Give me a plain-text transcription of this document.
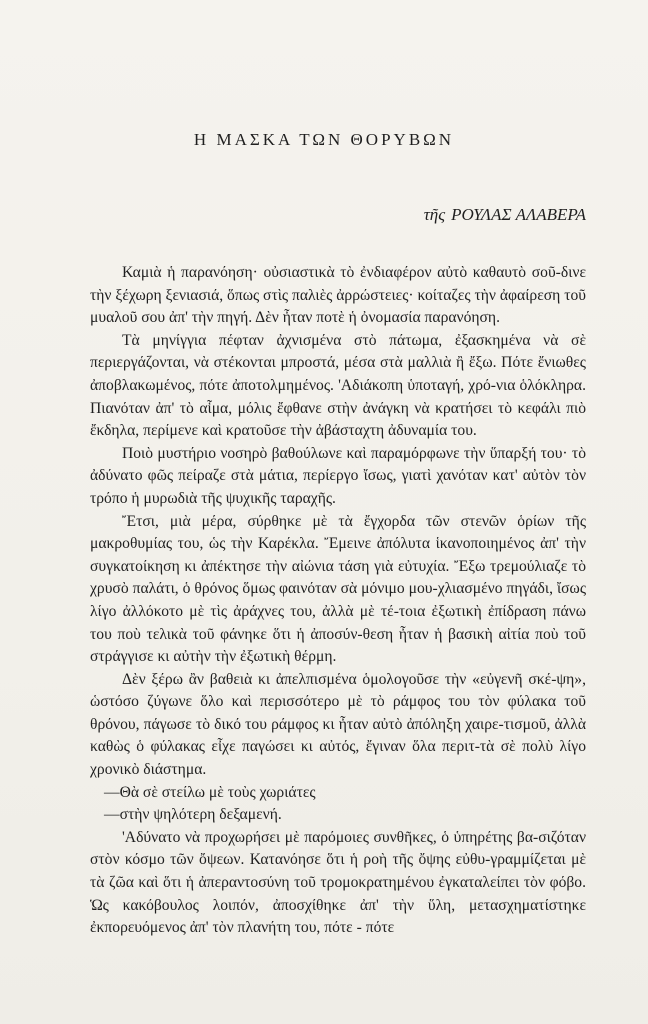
Η ΜΑΣΚΑ ΤΩΝ ΘΟΡΥΒΩΝ
τῆς ΡΟΥΛΑΣ ΑΛΑΒΕΡΑ

Καμιὰ ἡ παρανόηση· οὐσιαστικὰ τὸ ἐνδιαφέρον αὐτὸ καθαυτὸ σοῦ-δινε τὴν ξέχωρη ξενιασιά, ὅπως στὶς παλιὲς ἀρρώστειες· κοίταζες τὴν ἀφαίρεση τοῦ μυαλοῦ σου ἀπ' τὴν πηγή. Δὲν ἦταν ποτὲ ἡ ὀνομασία παρανόηση.

Τὰ μηνίγγια πέφταν ἀχνισμένα στὸ πάτωμα, ἐξασκημένα νὰ σὲ περιεργάζονται, νὰ στέκονται μπροστά, μέσα στὰ μαλλιὰ ἢ ἔξω. Πότε ἔνιωθες ἀποβλακωμένος, πότε ἀποτολμημένος. 'Αδιάκοπη ὑποταγή, χρό-νια ὁλόκληρα. Πιανόταν ἀπ' τὸ αἷμα, μόλις ἔφθανε στὴν ἀνάγκη νὰ κρατήσει τὸ κεφάλι πιὸ ἔκδηλα, περίμενε καὶ κρατοῦσε τὴν ἀβάσταχτη ἀδυναμία του.

Ποιὸ μυστήριο νοσηρὸ βαθούλωνε καὶ παραμόρφωνε τὴν ὕπαρξή του· τὸ ἀδύνατο φῶς πείραζε στὰ μάτια, περίεργο ἴσως, γιατὶ χανόταν κατ' αὐτὸν τὸν τρόπο ἡ μυρωδιὰ τῆς ψυχικῆς ταραχῆς.

Ἔτσι, μιὰ μέρα, σύρθηκε μὲ τὰ ἔγχορδα τῶν στενῶν ὁρίων τῆς μακροθυμίας του, ὡς τὴν Καρέκλα. Ἔμεινε ἀπόλυτα ἱκανοποιημένος ἀπ' τὴν συγκατοίκηση κι ἀπέκτησε τὴν αἰώνια τάση γιὰ εὐτυχία. Ἔξω τρεμούλιαζε τὸ χρυσὸ παλάτι, ὁ θρόνος ὅμως φαινόταν σὰ μόνιμο μου-χλιασμένο πηγάδι, ἴσως λίγο ἀλλόκοτο μὲ τὶς ἀράχνες του, ἀλλὰ μὲ τέ-τοια ἐξωτικὴ ἐπίδραση πάνω του ποὺ τελικὰ τοῦ φάνηκε ὅτι ἡ ἀποσύν-θεση ἦταν ἡ βασικὴ αἰτία ποὺ τοῦ στράγγισε κι αὐτὴν τὴν ἐξωτικὴ θέρμη.

Δὲν ξέρω ἂν βαθειὰ κι ἀπελπισμένα ὁμολογοῦσε τὴν «εὐγενῆ σκέ-ψη», ὡστόσο ζύγωνε ὅλο καὶ περισσότερο μὲ τὸ ράμφος του τὸν φύλακα τοῦ θρόνου, πάγωσε τὸ δικό του ράμφος κι ἦταν αὐτὸ ἀπόληξη χαιρε-τισμοῦ, ἀλλὰ καθὼς ὁ φύλακας εἶχε παγώσει κι αὐτός, ἔγιναν ὅλα περιτ-τὰ σὲ πολὺ λίγο χρονικὸ διάστημα.

—Θὰ σὲ στείλω μὲ τοὺς χωριάτες

—στὴν ψηλότερη δεξαμενή.

'Αδύνατο νὰ προχωρήσει μὲ παρόμοιες συνθῆκες, ὁ ὑπηρέτης βα-σιζόταν στὸν κόσμο τῶν ὄψεων. Κατανόησε ὅτι ἡ ροὴ τῆς ὄψης εὐθυ-γραμμίζεται μὲ τὰ ζῶα καὶ ὅτι ἡ ἀπεραντοσύνη τοῦ τρομοκρατημένου ἐγκαταλείπει τὸν φόβο. Ὡς κακόβουλος λοιπόν, ἀποσχίθηκε ἀπ' τὴν ὕλη, μετασχηματίστηκε ἐκπορευόμενος ἀπ' τὸν πλανήτη του, πότε - πότε
